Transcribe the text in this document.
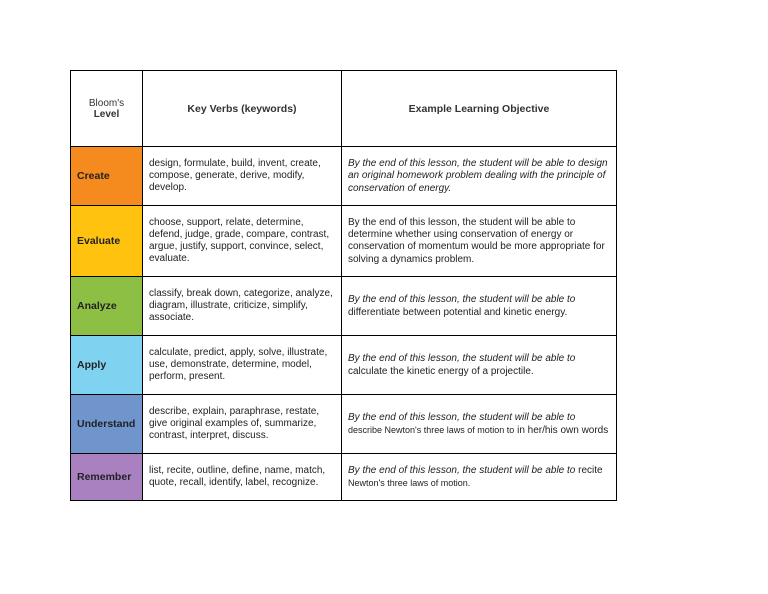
Bloom's
Level	Key Verbs (keywords)	Example Learning Objective
Create	design, formulate, build, invent, create, compose, generate, derive, modify, develop.	By the end of this lesson, the student will be able to design an original homework problem dealing with the principle of conservation of energy.
Evaluate	choose, support, relate, determine, defend, judge, grade, compare, contrast, argue, justify, support, convince, select, evaluate.	By the end of this lesson, the student will be able to determine whether using conservation of energy or conservation of momentum would be more appropriate for solving a dynamics problem.
Analyze	classify, break down, categorize, analyze, diagram, illustrate, criticize, simplify, associate.	By the end of this lesson, the student will be able to differentiate between potential and kinetic energy.
Apply	calculate, predict, apply, solve, illustrate, use, demonstrate, determine, model, perform, present.	By the end of this lesson, the student will be able to calculate the kinetic energy of a projectile.
Understand	describe, explain, paraphrase, restate, give original examples of, summarize, contrast, interpret, discuss.	By the end of this lesson, the student will be able to describe Newton's three laws of motion to in her/his own words
Remember	list, recite, outline, define, name, match, quote, recall, identify, label, recognize.	By the end of this lesson, the student will be able to recite Newton's three laws of motion.
